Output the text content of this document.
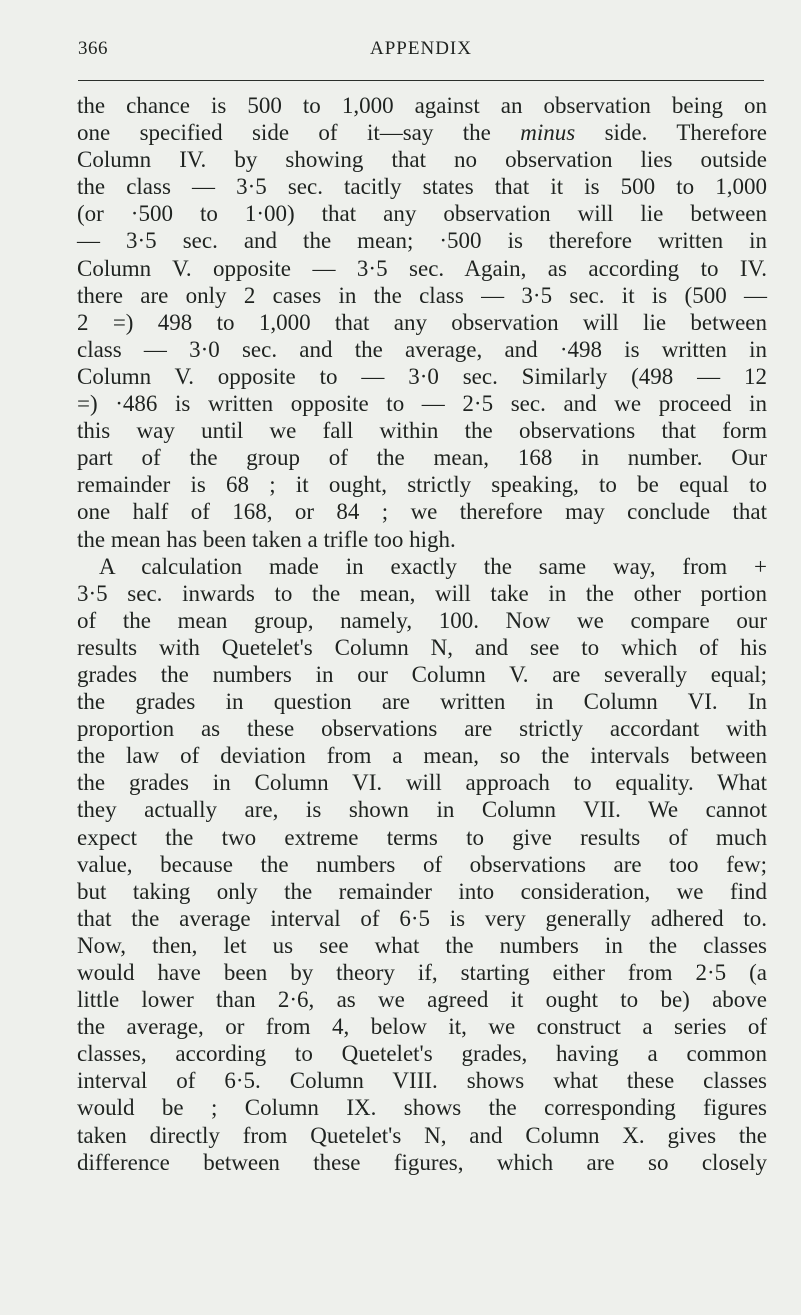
366	APPENDIX
the chance is 500 to 1,000 against an observation being on
one specified side of it—say the minus side. Therefore
Column IV. by showing that no observation lies outside
the class — 3·5 sec. tacitly states that it is 500 to 1,000
(or ·500 to 1·00) that any observation will lie between
— 3·5 sec. and the mean; ·500 is therefore written in
Column V. opposite — 3·5 sec. Again, as according to IV.
there are only 2 cases in the class — 3·5 sec. it is (500 —
2 =) 498 to 1,000 that any observation will lie between
class — 3·0 sec. and the average, and ·498 is written in
Column V. opposite to — 3·0 sec. Similarly (498 — 12
=) ·486 is written opposite to — 2·5 sec. and we proceed in
this way until we fall within the observations that form
part of the group of the mean, 168 in number. Our
remainder is 68 ; it ought, strictly speaking, to be equal to
one half of 168, or 84 ; we therefore may conclude that
the mean has been taken a trifle too high.
A calculation made in exactly the same way, from +
3·5 sec. inwards to the mean, will take in the other portion
of the mean group, namely, 100. Now we compare our
results with Quetelet's Column N, and see to which of his
grades the numbers in our Column V. are severally equal;
the grades in question are written in Column VI. In
proportion as these observations are strictly accordant with
the law of deviation from a mean, so the intervals between
the grades in Column VI. will approach to equality. What
they actually are, is shown in Column VII. We cannot
expect the two extreme terms to give results of much
value, because the numbers of observations are too few;
but taking only the remainder into consideration, we find
that the average interval of 6·5 is very generally adhered to.
Now, then, let us see what the numbers in the classes
would have been by theory if, starting either from 2·5 (a
little lower than 2·6, as we agreed it ought to be) above
the average, or from 4, below it, we construct a series of
classes, according to Quetelet's grades, having a common
interval of 6·5. Column VIII. shows what these classes
would be ; Column IX. shows the corresponding figures
taken directly from Quetelet's N, and Column X. gives the
difference between these figures, which are so closely
